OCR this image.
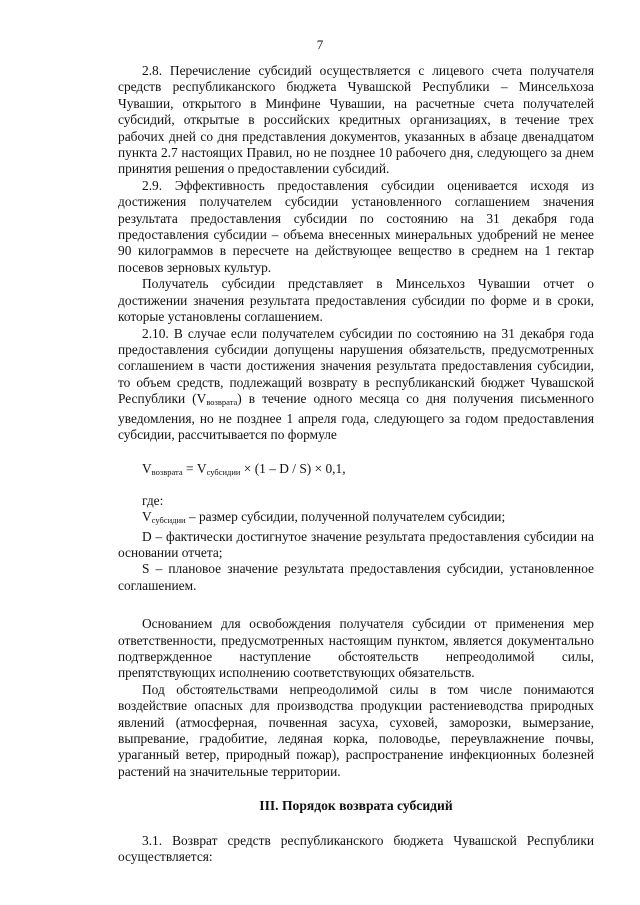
7

2.8. Перечисление субсидий осуществляется с лицевого счета получателя средств республиканского бюджета Чувашской Республики – Минсельхоза Чувашии, открытого в Минфине Чувашии, на расчетные счета получателей субсидий, открытые в российских кредитных организациях, в течение трех рабочих дней со дня представления документов, указанных в абзаце двенадцатом пункта 2.7 настоящих Правил, но не позднее 10 рабочего дня, следующего за днем принятия решения о предоставлении субсидий.

2.9. Эффективность предоставления субсидии оценивается исходя из достижения получателем субсидии установленного соглашением значения результата предоставления субсидии по состоянию на 31 декабря года предоставления субсидии – объема внесенных минеральных удобрений не менее 90 килограммов в пересчете на действующее вещество в среднем на 1 гектар посевов зерновых культур.

Получатель субсидии представляет в Минсельхоз Чувашии отчет о достижении значения результата предоставления субсидии по форме и в сроки, которые установлены соглашением.

2.10. В случае если получателем субсидии по состоянию на 31 декабря года предоставления субсидии допущены нарушения обязательств, предусмотренных соглашением в части достижения значения результата предоставления субсидии, то объем средств, подлежащий возврату в республиканский бюджет Чувашской Республики $(V_{возврата})$ в течение одного месяца со дня получения письменного уведомления, но не позднее 1 апреля года, следующего за годом предоставления субсидии, рассчитывается по формуле

$V_{возврата} = V_{субсидии} \times (1 - D / S) \times 0,1$,

где:

$V_{субсидии}$ – размер субсидии, полученной получателем субсидии;

D – фактически достигнутое значение результата предоставления субсидии на основании отчета;

S – плановое значение результата предоставления субсидии, установленное соглашением.

Основанием для освобождения получателя субсидии от применения мер ответственности, предусмотренных настоящим пунктом, является документально подтвержденное наступление обстоятельств непреодолимой силы, препятствующих исполнению соответствующих обязательств.

Под обстоятельствами непреодолимой силы в том числе понимаются воздействие опасных для производства продукции растениеводства природных явлений (атмосферная, почвенная засуха, суховей, заморозки, вымерзание, выпревание, градобитие, ледяная корка, половодье, переувлажнение почвы, ураганный ветер, природный пожар), распространение инфекционных болезней растений на значительные территории.

III. Порядок возврата субсидий

3.1. Возврат средств республиканского бюджета Чувашской Республики осуществляется:
